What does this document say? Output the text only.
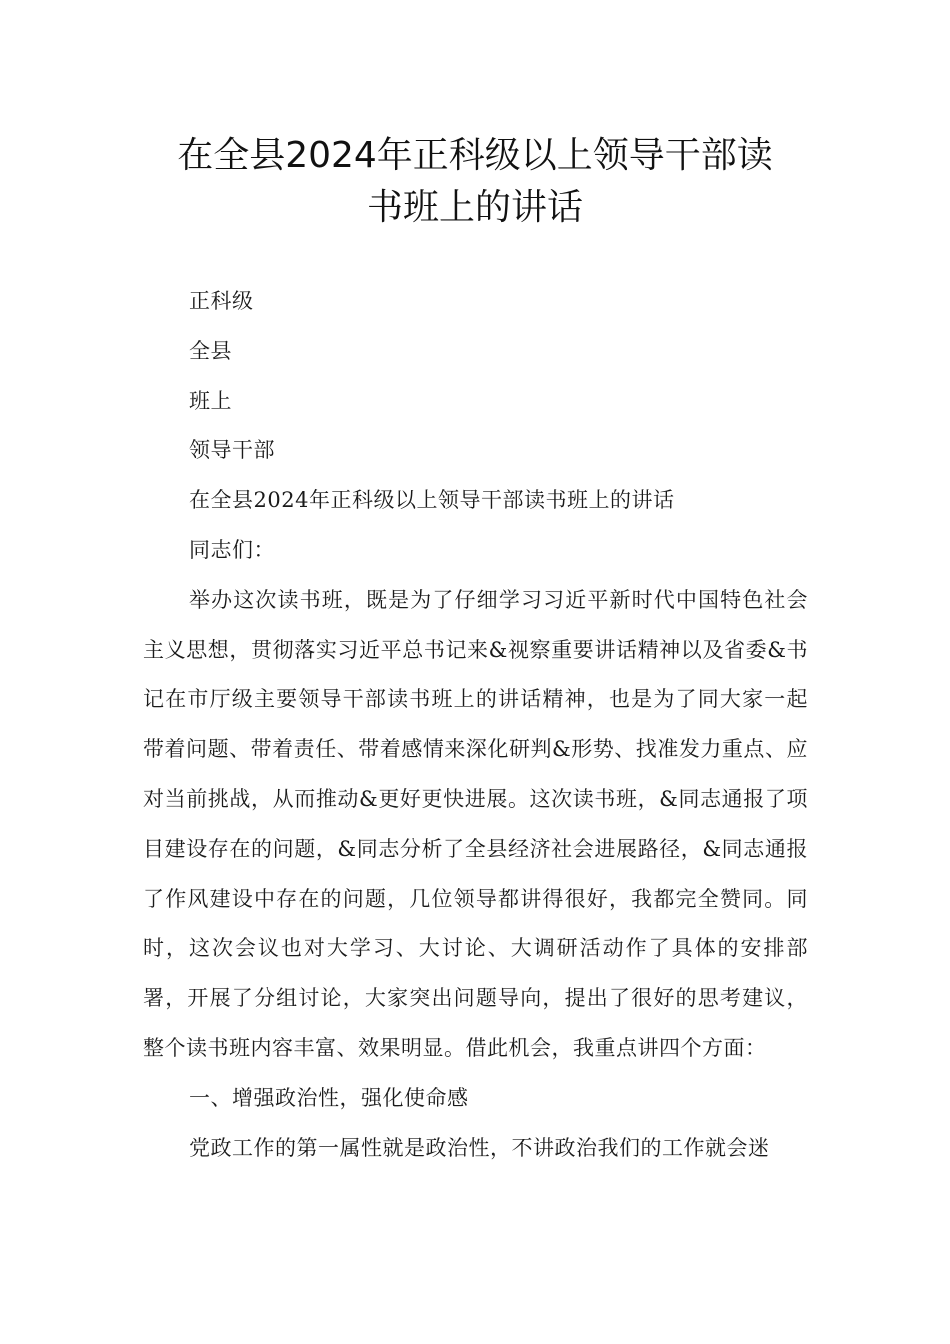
在全县2024年正科级以上领导干部读
书班上的讲话

正科级

全县

班上

领导干部

在全县2024年正科级以上领导干部读书班上的讲话

同志们：

举办这次读书班，既是为了仔细学习习近平新时代中国特色社会主义思想，贯彻落实习近平总书记来&视察重要讲话精神以及省委&书记在市厅级主要领导干部读书班上的讲话精神，也是为了同大家一起带着问题、带着责任、带着感情来深化研判&形势、找准发力重点、应对当前挑战，从而推动&更好更快进展。这次读书班，&同志通报了项目建设存在的问题，&同志分析了全县经济社会进展路径，&同志通报了作风建设中存在的问题，几位领导都讲得很好，我都完全赞同。同时，这次会议也对大学习、大讨论、大调研活动作了具体的安排部署，开展了分组讨论，大家突出问题导向，提出了很好的思考建议，整个读书班内容丰富、效果明显。借此机会，我重点讲四个方面：

一、增强政治性，强化使命感

党政工作的第一属性就是政治性，不讲政治我们的工作就会迷
